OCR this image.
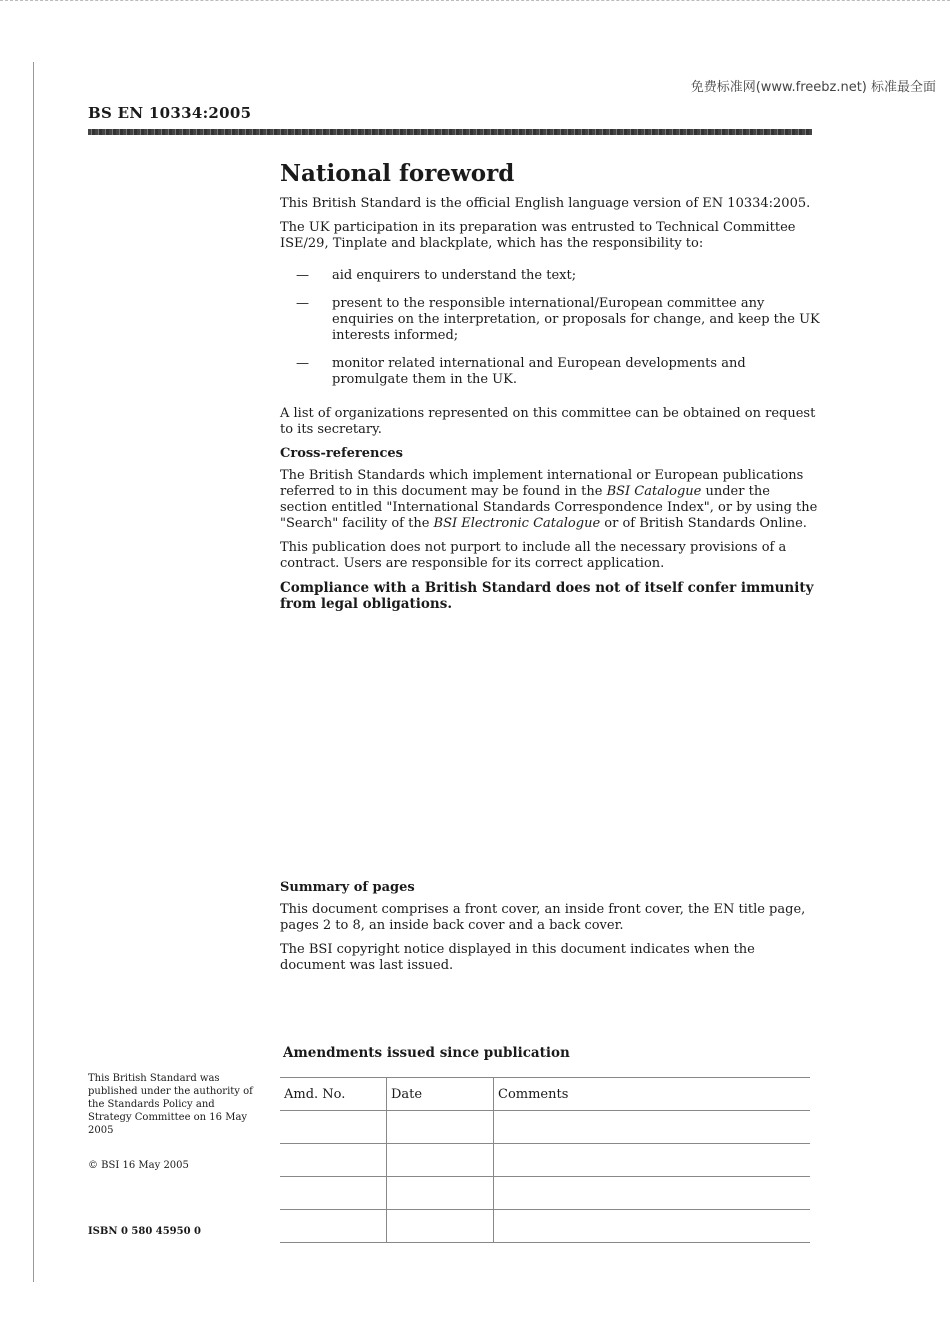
免费标准网(www.freebz.net) 标准最全面
BS EN 10334:2005
National foreword

This British Standard is the official English language version of EN 10334:2005.

The UK participation in its preparation was entrusted to Technical Committee ISE/29, Tinplate and blackplate, which has the responsibility to:

—	aid enquirers to understand the text;
—	present to the responsible international/European committee any enquiries on the interpretation, or proposals for change, and keep the UK interests informed;
—	monitor related international and European developments and promulgate them in the UK.

A list of organizations represented on this committee can be obtained on request to its secretary.

Cross-references

The British Standards which implement international or European publications referred to in this document may be found in the BSI Catalogue under the section entitled "International Standards Correspondence Index", or by using the "Search" facility of the BSI Electronic Catalogue or of British Standards Online.

This publication does not purport to include all the necessary provisions of a contract. Users are responsible for its correct application.

Compliance with a British Standard does not of itself confer immunity from legal obligations.

Summary of pages

This document comprises a front cover, an inside front cover, the EN title page, pages 2 to 8, an inside back cover and a back cover.

The BSI copyright notice displayed in this document indicates when the document was last issued.

Amendments issued since publication
Amd. No.	Date	Comments

This British Standard was published under the authority of the Standards Policy and Strategy Committee on 16 May 2005

© BSI 16 May 2005

ISBN 0 580 45950 0
